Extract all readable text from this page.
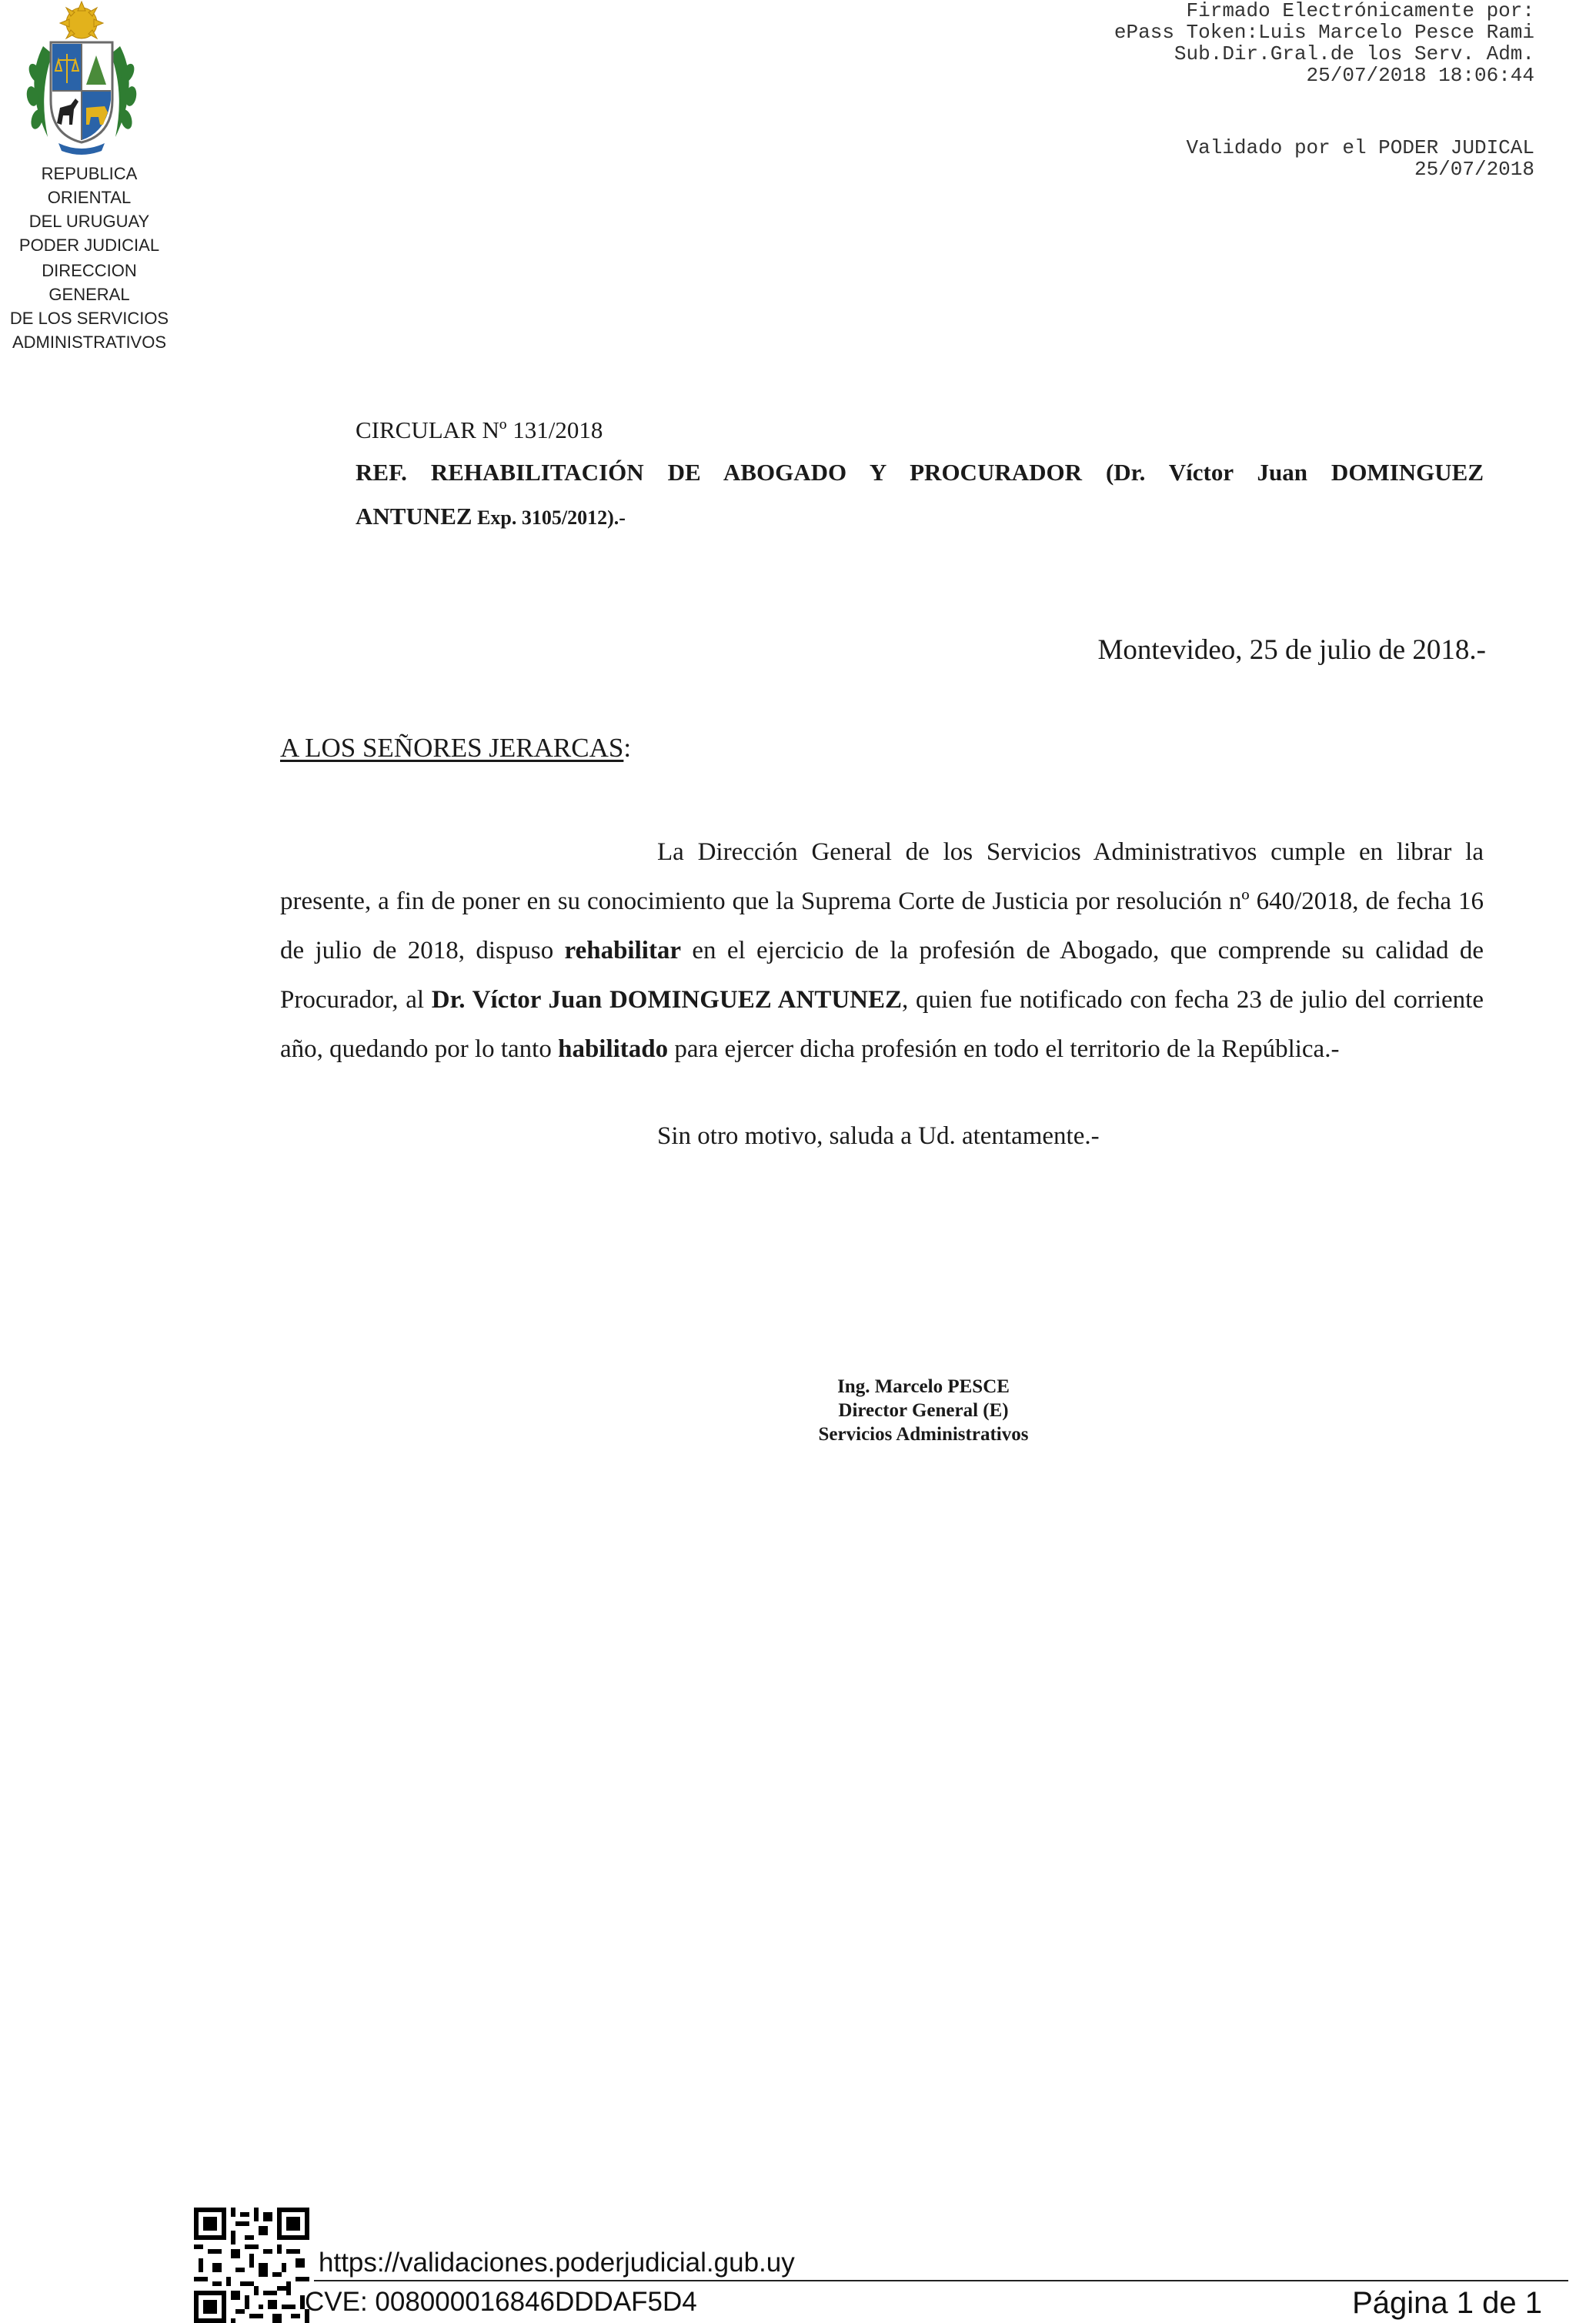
REPUBLICA ORIENTAL
DEL URUGUAY
PODER JUDICIAL
DIRECCION GENERAL
DE LOS SERVICIOS
ADMINISTRATIVOS
Firmado Electrónicamente por:
ePass Token:Luis Marcelo Pesce Rami
Sub.Dir.Gral.de los Serv. Adm.
25/07/2018 18:06:44
Validado por el PODER JUDICAL
25/07/2018
CIRCULAR Nº 131/2018
REF. REHABILITACIÓN DE ABOGADO Y PROCURADOR (Dr. Víctor Juan DOMINGUEZ
ANTUNEZ Exp. 3105/2012).-
Montevideo, 25 de julio de 2018.-
A LOS SEÑORES JERARCAS:
La Dirección General de los Servicios Administrativos cumple en librar la presente, a fin de poner en su conocimiento que la Suprema Corte de Justicia por resolución nº 640/2018, de fecha 16 de julio de 2018, dispuso rehabilitar en el ejercicio de la profesión de Abogado, que comprende su calidad de Procurador, al Dr. Víctor Juan DOMINGUEZ ANTUNEZ, quien fue notificado con fecha 23 de julio del corriente año, quedando por lo tanto habilitado para ejercer dicha profesión en todo el territorio de la República.-
Sin otro motivo, saluda a Ud. atentamente.-
Ing. Marcelo PESCE
Director General (E)
Servicios Administrativos
https://validaciones.poderjudicial.gub.uy
CVE: 008000016846DDDAF5D4	Página 1 de 1
